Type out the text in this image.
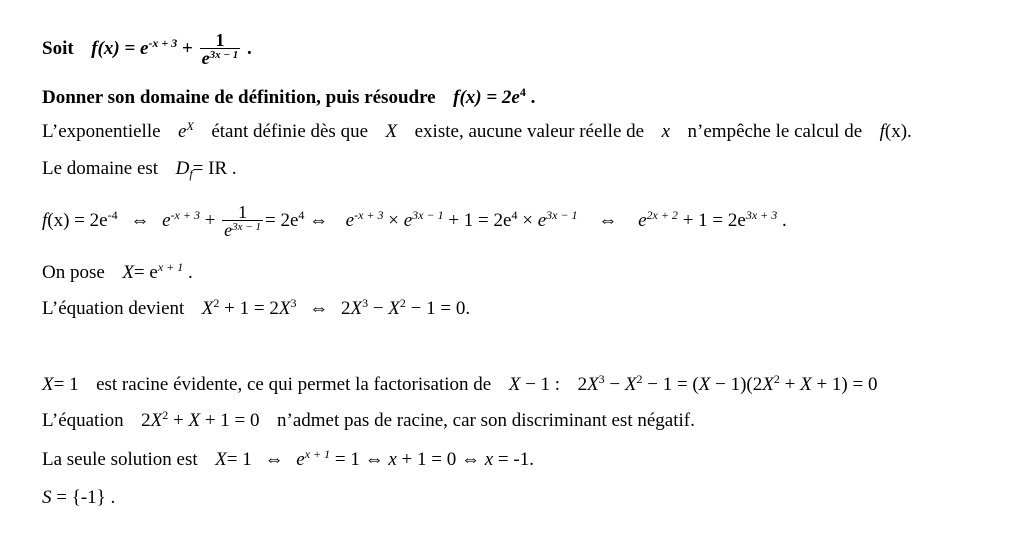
Soit $f(x) = e^{-x + 3} + \frac{1}{e^{3x - 1}}$ .
Donner son domaine de définition, puis résoudre $f(x) = 2e^4$ .
L’exponentielle $e^X$ étant définie dès que X existe, aucune valeur réelle de x n’empêche le calcul de f(x).
Le domaine est $D_f=$ IR .
$f(x) = 2e^{-4}$ ⇔ $e^{-x + 3} + \frac{1}{e^{3x - 1}} = 2e^4$ ⇔ $e^{-x + 3} \times e^{3x - 1} + 1 = 2e^4 \times e^{3x - 1}$ ⇔ $e^{2x + 2} + 1 = 2e^{3x + 3}$ .
On pose $X= e^{x + 1}$ .
L’équation devient $X^2 + 1 = 2X^3$ ⇔ $2X^3 - X^2 - 1 = 0$.
X= 1 est racine évidente, ce qui permet la factorisation de X − 1 : $2X^3 - X^2 - 1 = (X - 1)(2X^2 + X + 1) = 0$
L’équation $2X^2 + X + 1 = 0$ n’admet pas de racine, car son discriminant est négatif.
La seule solution est X= 1 ⇔ $e^{x + 1} = 1$ ⇔ x + 1 = 0 ⇔ x = -1.
S = {-1} .
